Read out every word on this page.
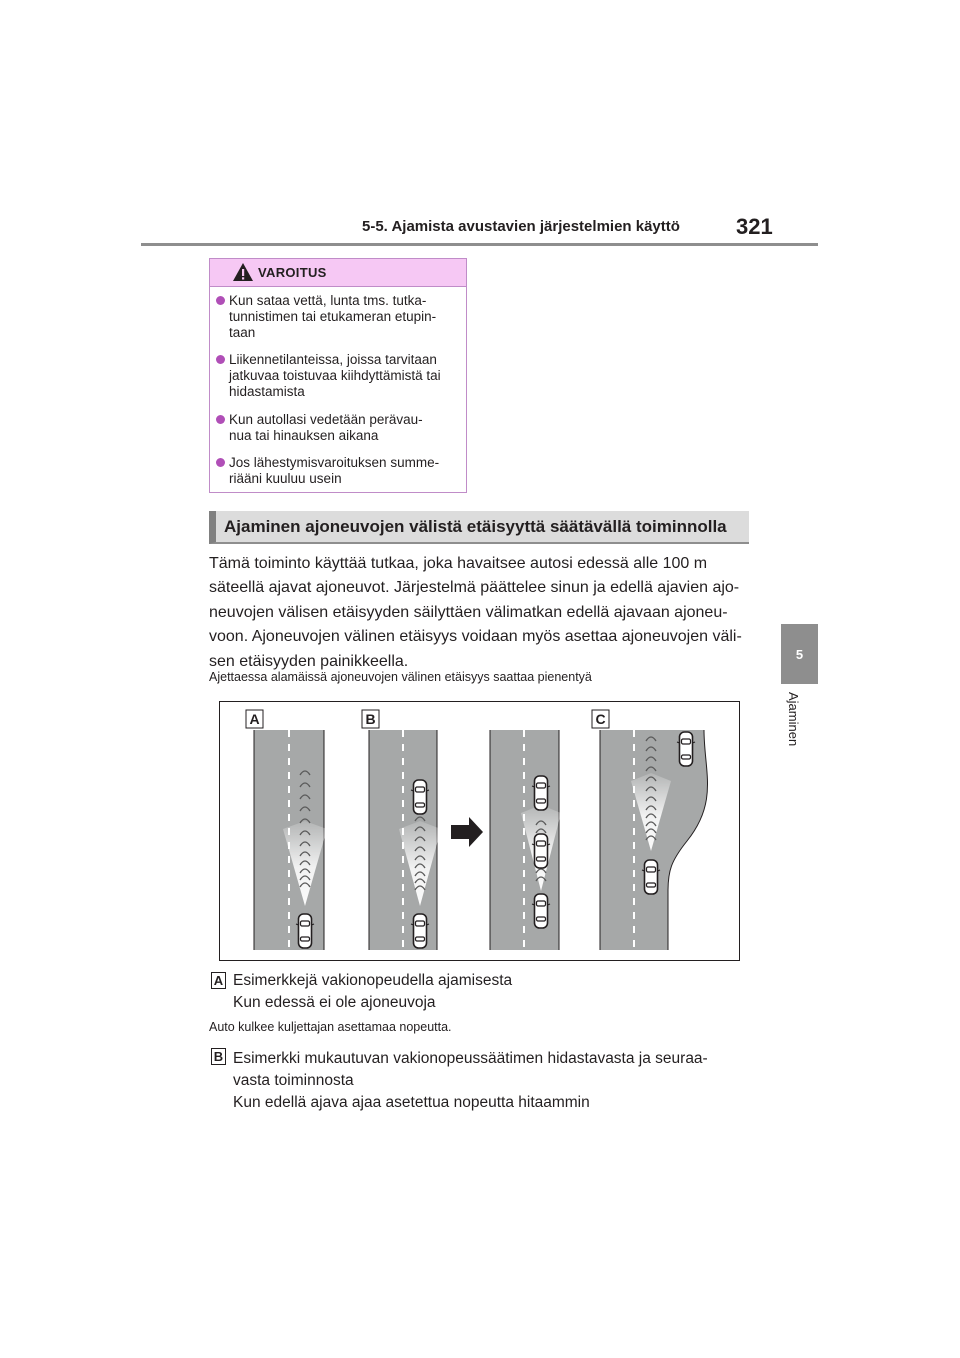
5-5. Ajamista avustavien järjestelmien käyttö	321
5
Ajaminen
VAROITUS
Kun sataa vettä, lunta tms. tutka-
tunnistimen tai etukameran etupin-
taan
Liikennetilanteissa, joissa tarvitaan
jatkuvaa toistuvaa kiihdyttämistä tai
hidastamista
Kun autollasi vedetään perävau-
nua tai hinauksen aikana
Jos lähestymisvaroituksen summe-
riääni kuuluu usein
Ajaminen ajoneuvojen välistä etäisyyttä säätävällä toiminnolla
Tämä toiminto käyttää tutkaa, joka havaitsee autosi edessä alle 100 m
säteellä ajavat ajoneuvot. Järjestelmä päättelee sinun ja edellä ajavien ajo-
neuvojen välisen etäisyyden säilyttäen välimatkan edellä ajavaan ajoneu-
voon. Ajoneuvojen välinen etäisyys voidaan myös asettaa ajoneuvojen väli-
sen etäisyyden painikkeella.
Ajettaessa alamäissä ajoneuvojen välinen etäisyys saattaa pienentyä
A	B	C
A Esimerkkejä vakionopeudella ajamisesta
Kun edessä ei ole ajoneuvoja
Auto kulkee kuljettajan asettamaa nopeutta.
B Esimerkki mukautuvan vakionopeussäätimen hidastavasta ja seuraa-
vasta toiminnosta
Kun edellä ajava ajaa asetettua nopeutta hitaammin
